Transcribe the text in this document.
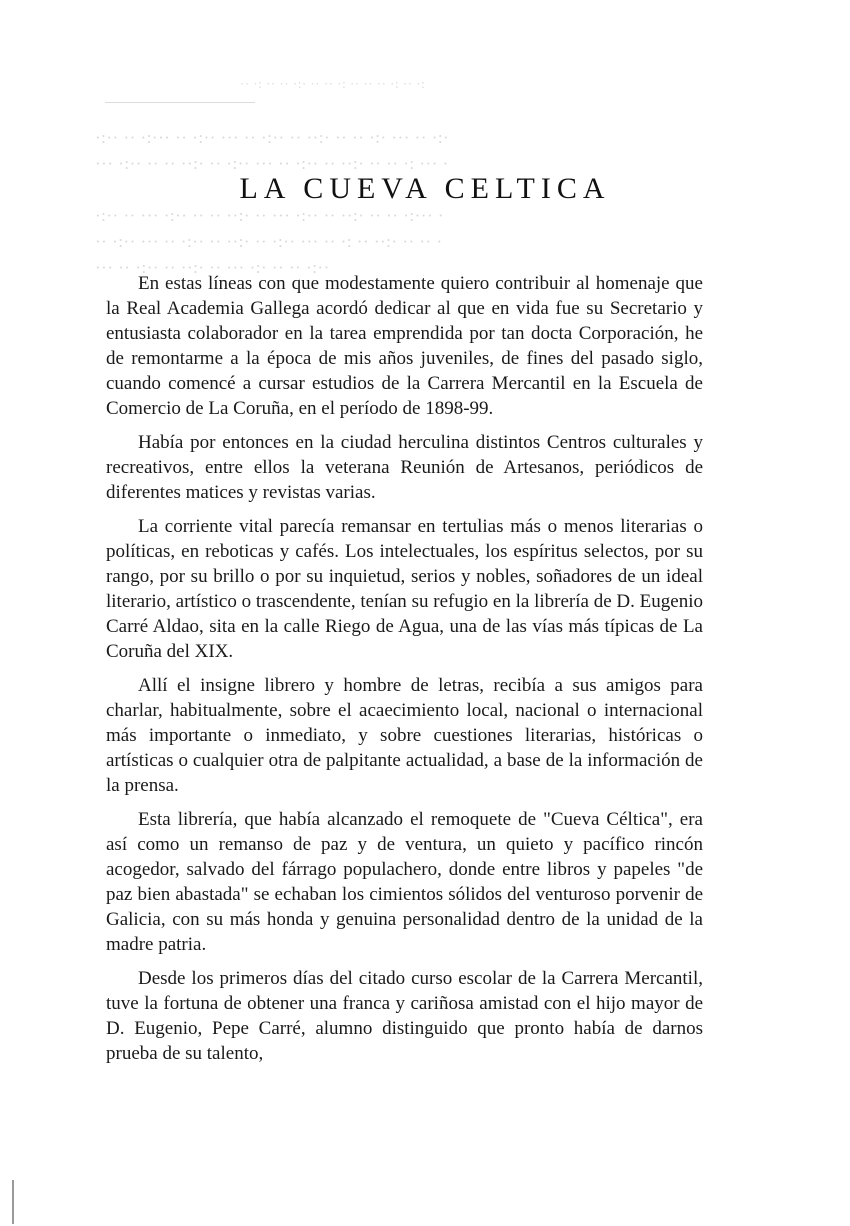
·· ·: ·· ·· ·:· ·· ·· ·: ·· ·· ·· ·: ·· ·:
·:·· ·· ·:··· ·· ·:·· ··· ·· ·:·· ·· ··:· ·· ·· ·:· ··· ·· ·:·
··· ·:·· ·· ·· ··:· ·· ·:·· ··· ·· ·:·· ·· ··:· ·· ·· ·: ··· ·
·:·· ·· ··· ·:·· ·· ·· ··:· ·· ··· ·:·· ·· ··:· ·· ·· ·:··· ·
·· ·:·· ··· ·· ·:·· ·· ··:· ·· ·:·· ··· ·· ·: ·· ··:· ·· ·· ·
··· ·· ·:·· ·· ··:· ·· ··· ·:· ·· ·· ·:··
LA CUEVA CELTICA

En estas líneas con que modestamente quiero contribuir al homenaje que la Real Academia Gallega acordó dedicar al que en vida fue su Secretario y entusiasta colaborador en la tarea emprendida por tan docta Corporación, he de remontarme a la época de mis años juveniles, de fines del pasado siglo, cuando comencé a cursar estudios de la Carrera Mercantil en la Escuela de Comercio de La Coruña, en el período de 1898-99.

Había por entonces en la ciudad herculina distintos Centros culturales y recreativos, entre ellos la veterana Reunión de Artesanos, periódicos de diferentes matices y revistas varias.

La corriente vital parecía remansar en tertulias más o menos literarias o políticas, en reboticas y cafés. Los intelectuales, los espíritus selectos, por su rango, por su brillo o por su inquietud, serios y nobles, soñadores de un ideal literario, artístico o trascendente, tenían su refugio en la librería de D. Eugenio Carré Aldao, sita en la calle Riego de Agua, una de las vías más típicas de La Coruña del XIX.

Allí el insigne librero y hombre de letras, recibía a sus amigos para charlar, habitualmente, sobre el acaecimiento local, nacional o internacional más importante o inmediato, y sobre cuestiones literarias, históricas o artísticas o cualquier otra de palpitante actualidad, a base de la información de la prensa.

Esta librería, que había alcanzado el remoquete de "Cueva Céltica", era así como un remanso de paz y de ventura, un quieto y pacífico rincón acogedor, salvado del fárrago populachero, donde entre libros y papeles "de paz bien abastada" se echaban los cimientos sólidos del venturoso porvenir de Galicia, con su más honda y genuina personalidad dentro de la unidad de la madre patria.

Desde los primeros días del citado curso escolar de la Carrera Mercantil, tuve la fortuna de obtener una franca y cariñosa amistad con el hijo mayor de D. Eugenio, Pepe Carré, alumno distinguido que pronto había de darnos prueba de su talento,
